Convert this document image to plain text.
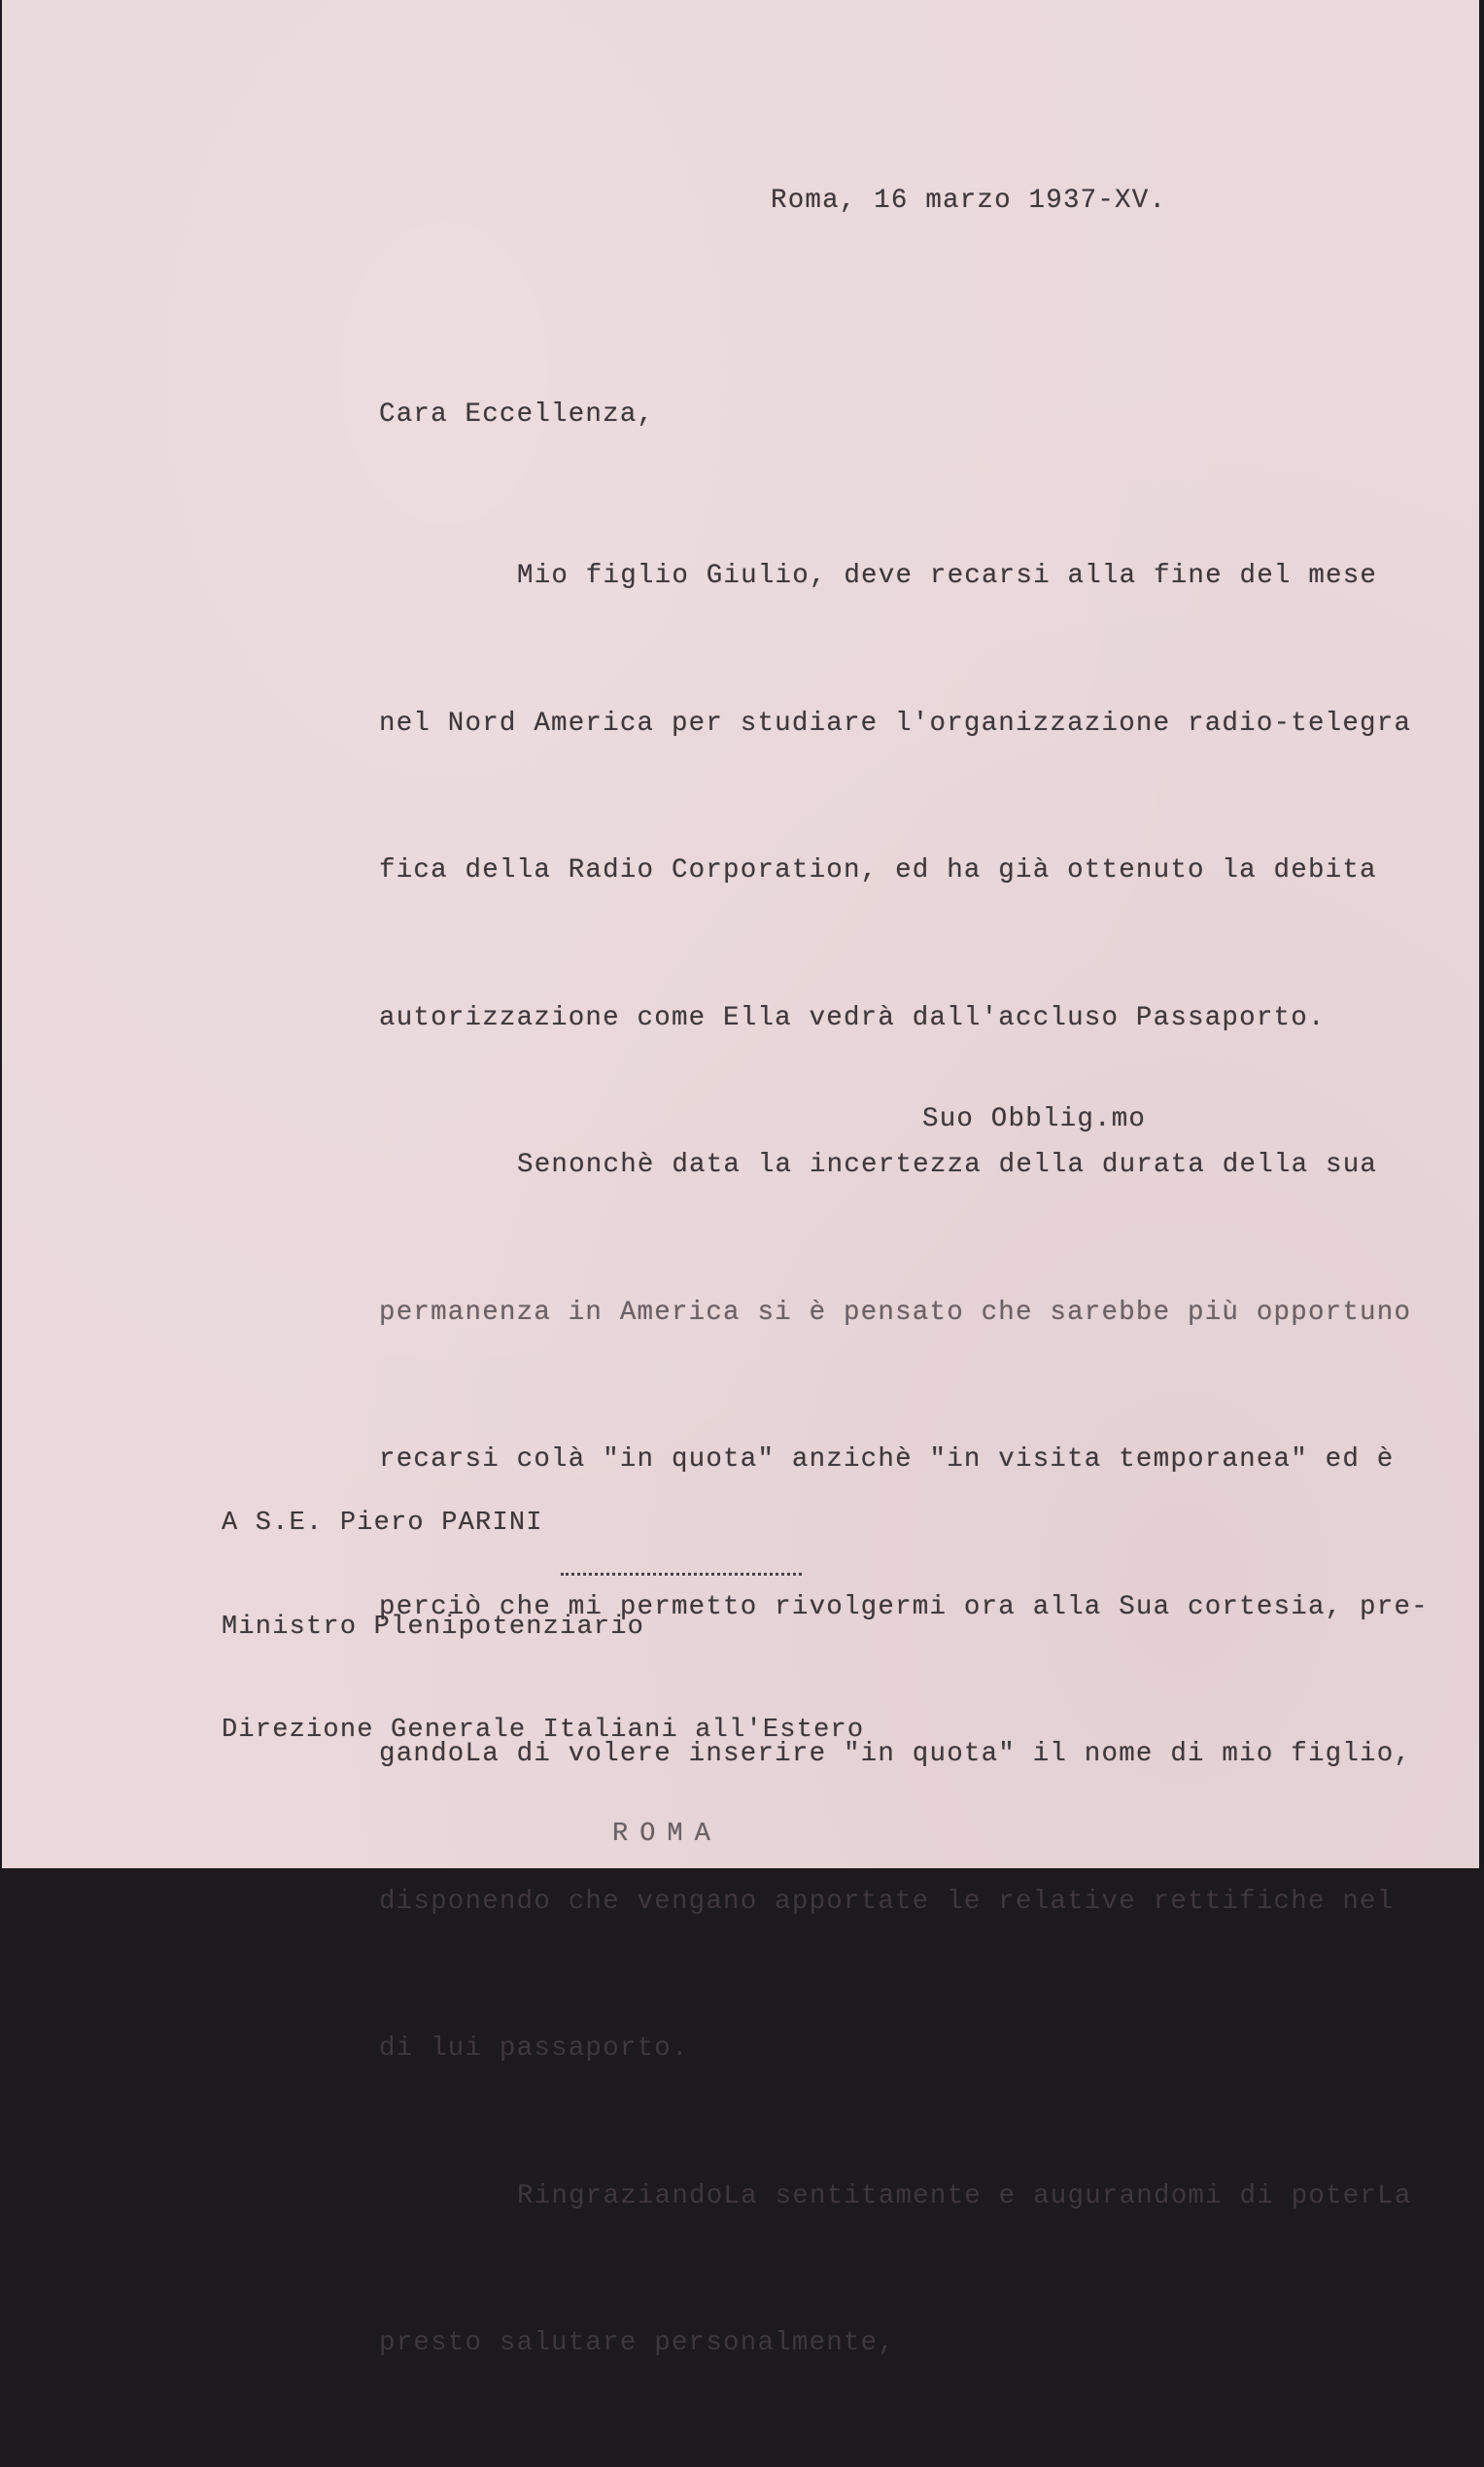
Roma, 16 marzo 1937-XV.
Cara Eccellenza,

Mio figlio Giulio, deve recarsi alla fine del mese

nel Nord America per studiare l'organizzazione radio-telegra

fica della Radio Corporation, ed ha già ottenuto la debita

autorizzazione come Ella vedrà dall'accluso Passaporto.

Senonchè data la incertezza della durata della sua

permanenza in America si è pensato che sarebbe più opportuno

recarsi colà "in quota" anzichè "in visita temporanea" ed è

perciò che mi permetto rivolgermi ora alla Sua cortesia, pre-

gandoLa di volere inserire "in quota" il nome di mio figlio,

disponendo che vengano apportate le relative rettifiche nel

di lui passaporto.

RingraziandoLa sentitamente e augurandomi di poterLa

presto salutare personalmente,

Suo Obblig.mo

A S.E. Piero PARINI

Ministro Plenipotenziario

Direzione Generale Italiani all'Estero

ROMA
